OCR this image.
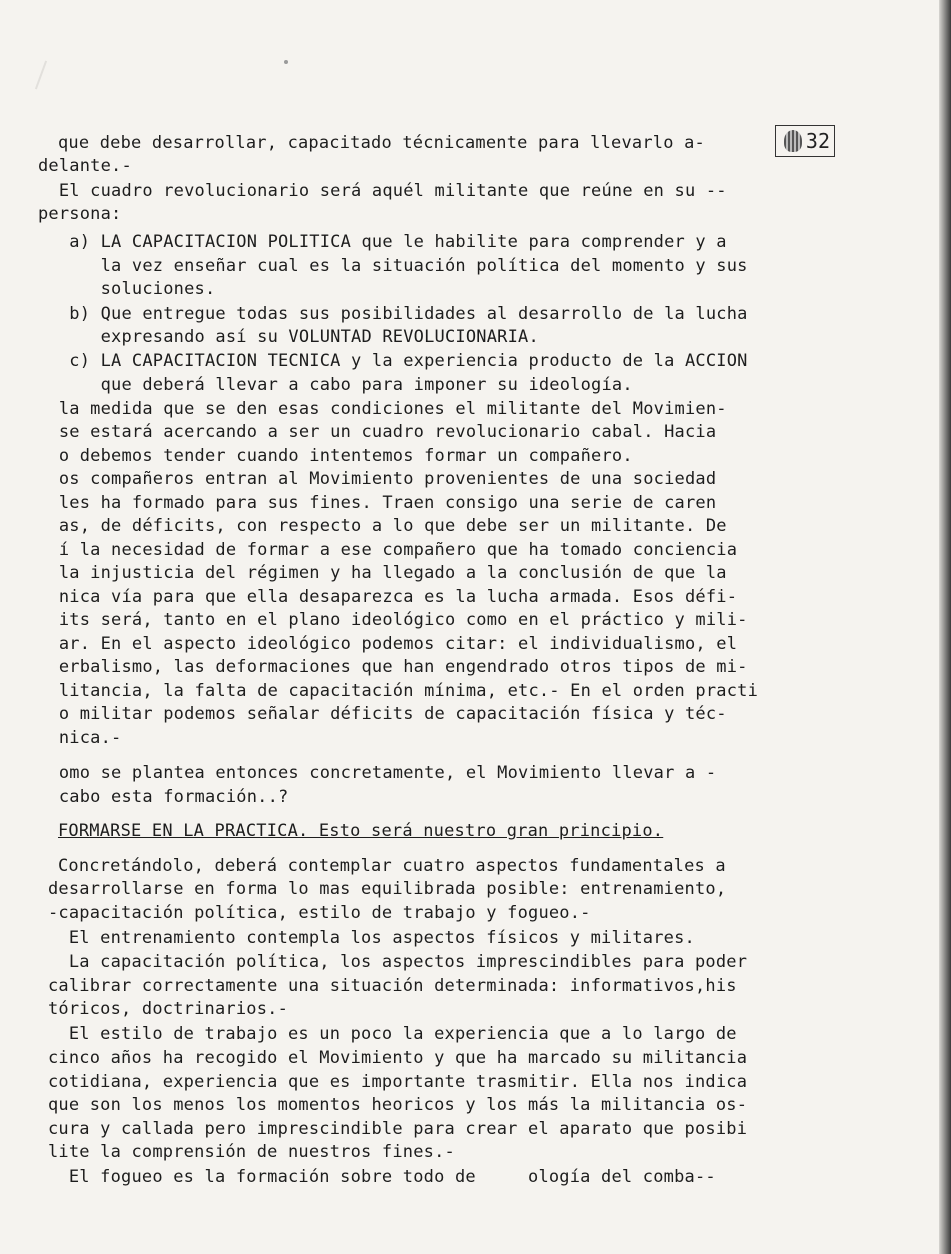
32
que debe desarrollar, capacitado técnicamente para llevarlo a-
delante.-
El cuadro revolucionario será aquél militante que reúne en su --
persona:
a) LA CAPACITACION POLITICA que le habilite para comprender y a
la vez enseñar cual es la situación política del momento y sus
soluciones.
b) Que entregue todas sus posibilidades al desarrollo de la lucha
expresando así su VOLUNTAD REVOLUCIONARIA.
c) LA CAPACITACION TECNICA y la experiencia producto de la ACCION
que deberá llevar a cabo para imponer su ideología.
la medida que se den esas condiciones el militante del Movimien-
se estará acercando a ser un cuadro revolucionario cabal. Hacia
o debemos tender cuando intentemos formar un compañero.
os compañeros entran al Movimiento provenientes de una sociedad
les ha formado para sus fines. Traen consigo una serie de caren
as, de déficits, con respecto a lo que debe ser un militante. De
í la necesidad de formar a ese compañero que ha tomado conciencia
la injusticia del régimen y ha llegado a la conclusión de que la
nica vía para que ella desaparezca es la lucha armada. Esos défi-
its será, tanto en el plano ideológico como en el práctico y mili-
ar. En el aspecto ideológico podemos citar: el individualismo, el
erbalismo, las deformaciones que han engendrado otros tipos de mi-
litancia, la falta de capacitación mínima, etc.- En el orden practi
o militar podemos señalar déficits de capacitación física y téc-
nica.-
omo se plantea entonces concretamente, el Movimiento llevar a -
cabo esta formación..?
FORMARSE EN LA PRACTICA. Esto será nuestro gran principio.
Concretándolo, deberá contemplar cuatro aspectos fundamentales a
desarrollarse en forma lo mas equilibrada posible: entrenamiento,
-capacitación política, estilo de trabajo y fogueo.-
El entrenamiento contempla los aspectos físicos y militares.
La capacitación política, los aspectos imprescindibles para poder
calibrar correctamente una situación determinada: informativos,his
tóricos, doctrinarios.-
El estilo de trabajo es un poco la experiencia que a lo largo de
cinco años ha recogido el Movimiento y que ha marcado su militancia
cotidiana, experiencia que es importante trasmitir. Ella nos indica
que son los menos los momentos heoricos y los más la militancia os-
cura y callada pero imprescindible para crear el aparato que posibi
lite la comprensión de nuestros fines.-
El fogueo es la formación sobre todo de     ología del comba--
